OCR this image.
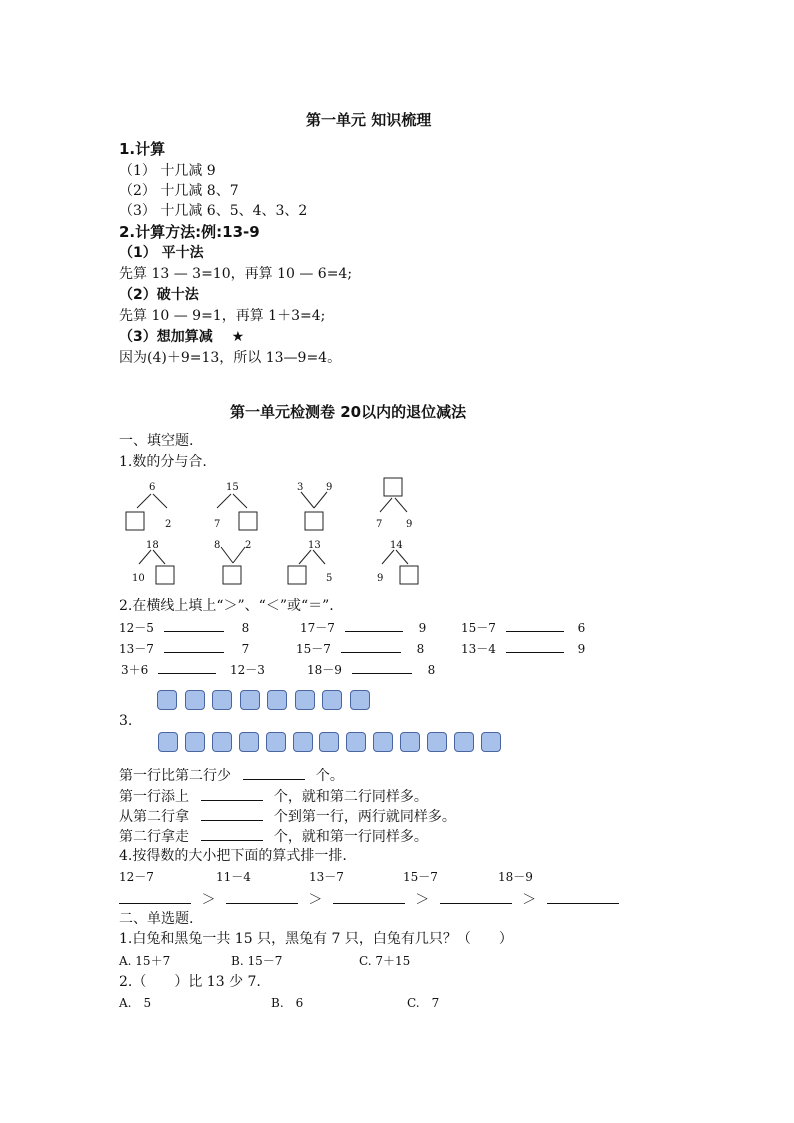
第一单元 知识梳理
1.计算
（1） 十几减 9
（2） 十几减 8、7
（3） 十几减 6、5、4、3、2
2.计算方法:例:13-9
（1） 平十法
先算 13 — 3=10，再算 10 — 6=4;
（2）破十法
先算 10 — 9=1，再算 1＋3=4;
（3）想加算减 ★
因为(4)＋9=13，所以 13—9=4。
第一单元检测卷 20以内的退位减法
一、填空题.
1.数的分与合.
6
2
15
7
3 9
7 9
18
10
8 2	13
5
14
9
2.在横线上填上“＞”、“＜”或“＝”.
12－5	8	17－7	9	15－7	6
13－7	7	15－7	8	13－4	9
3＋6	12－3	18－9	8
3.
第一行比第二行少	个。
第一行添上	个，就和第二行同样多。
从第二行拿	个到第一行，两行就同样多。
第二行拿走	个，就和第一行同样多。
4.按得数的大小把下面的算式排一排.
12－7	11－4	13－7	15－7	18－9
＞	＞	＞	＞
二、单选题.
1.白兔和黑兔一共 15 只，黑兔有 7 只，白兔有几只？（　　）
A. 15＋7	B. 15－7	C. 7＋15
2.（　　）比 13 少 7.
A.　5	B.　6	C.　7
